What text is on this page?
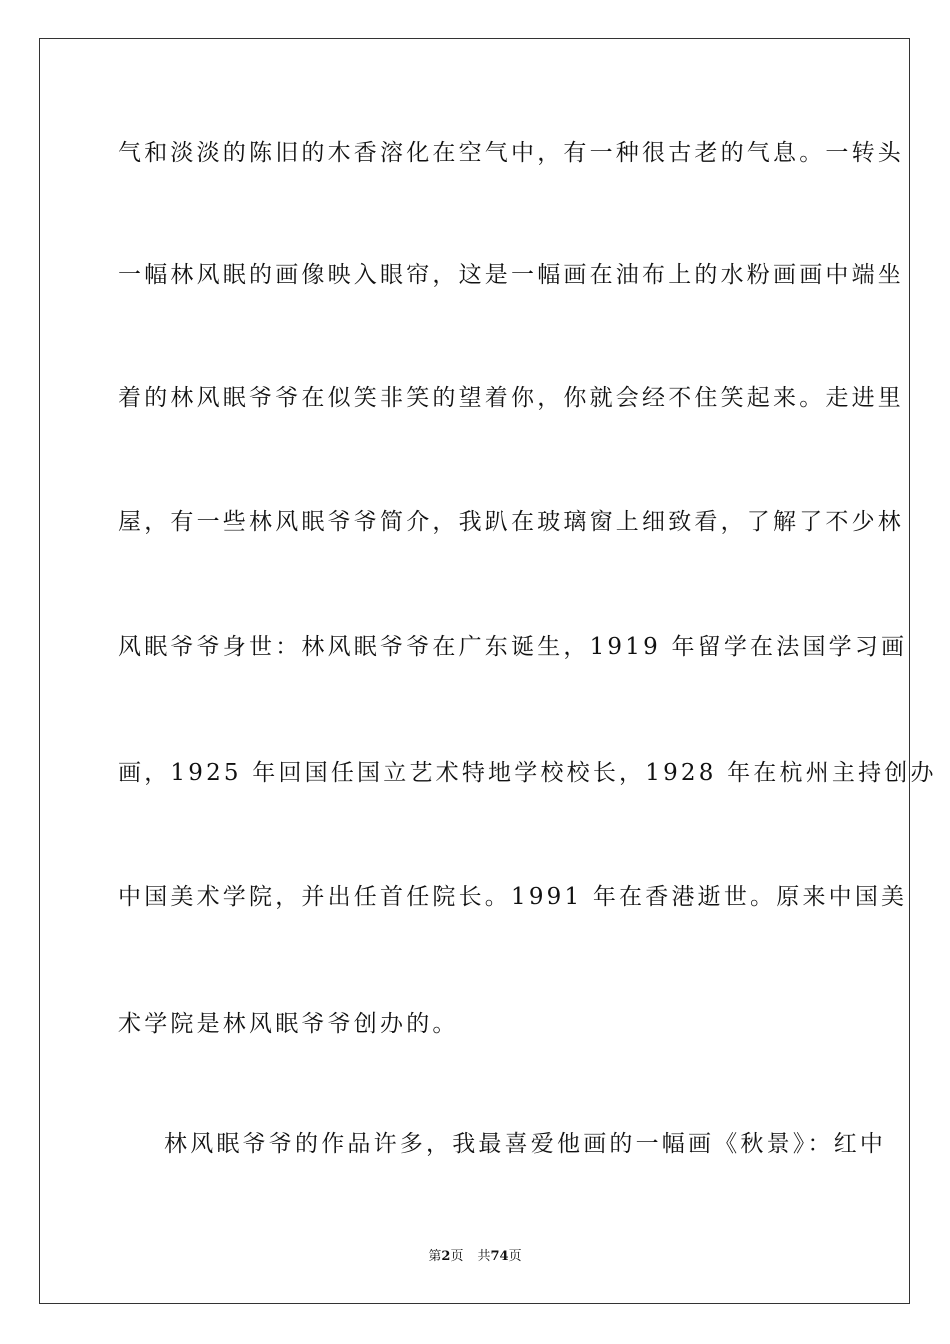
气和淡淡的陈旧的木香溶化在空气中，有一种很古老的气息。一转头
一幅林风眠的画像映入眼帘，这是一幅画在油布上的水粉画画中端坐
着的林风眠爷爷在似笑非笑的望着你，你就会经不住笑起来。走进里
屋，有一些林风眠爷爷简介，我趴在玻璃窗上细致看，了解了不少林
风眠爷爷身世：林风眠爷爷在广东诞生，1919 年留学在法国学习画
画，1925 年回国任国立艺术特地学校校长，1928 年在杭州主持创办
中国美术学院，并出任首任院长。1991 年在香港逝世。原来中国美
术学院是林风眠爷爷创办的。
林风眠爷爷的作品许多，我最喜爱他画的一幅画《秋景》：红中
第2页 共74页
